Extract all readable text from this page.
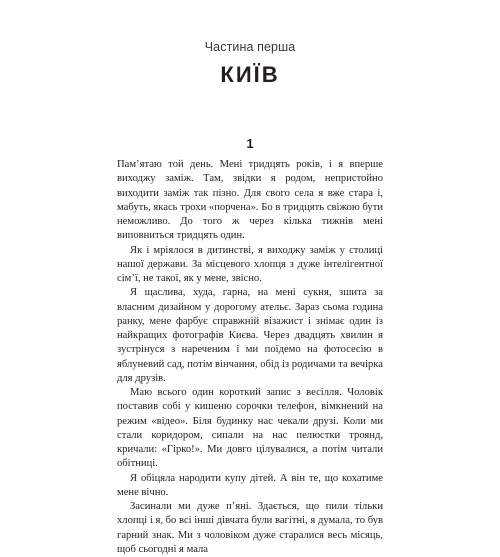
Частина перша
КИЇВ
1

Пам’ятаю той день. Мені тридцять років, і я вперше виходжу заміж. Там, звідки я родом, непристойно виходити заміж так пізно. Для свого села я вже стара і, мабуть, якась трохи «порчена». Бо в тридцять свіжою бути неможливо. До того ж через кілька тижнів мені виповниться тридцять один.

Як і мріялося в дитинстві, я виходжу заміж у столиці нашої держави. За місцевого хлопця з дуже інтелігентної сім’ї, не такої, як у мене, звісно.

Я щаслива, худа, гарна, на мені сукня, зшита за власним дизайном у дорогому ательє. Зараз сьома година ранку, мене фарбує справжній візажист і знімає один із найкращих фотографів Києва. Через двадцять хвилин я зустрінуся з нареченим і ми поїдемо на фотосесію в яблуневий сад, потім вінчання, обід із родичами та вечірка для друзів.

Маю всього один короткий запис з весілля. Чоловік поставив собі у кишеню сорочки телефон, вімкнений на режим «відео». Біля будинку нас чекали друзі. Коли ми стали коридором, сипали на нас пелюстки троянд, кричали: «Гірко!». Ми довго цілувалися, а потім читали обітниці.

Я обіцяла народити купу дітей. А він те, що кохатиме мене вічно.

Засинали ми дуже п’яні. Здається, що пили тільки хлопці і я, бо всі інші дівчата були вагітні, я думала, то був гарний знак. Ми з чоловіком дуже старалися весь місяць, щоб сьогодні я мала
